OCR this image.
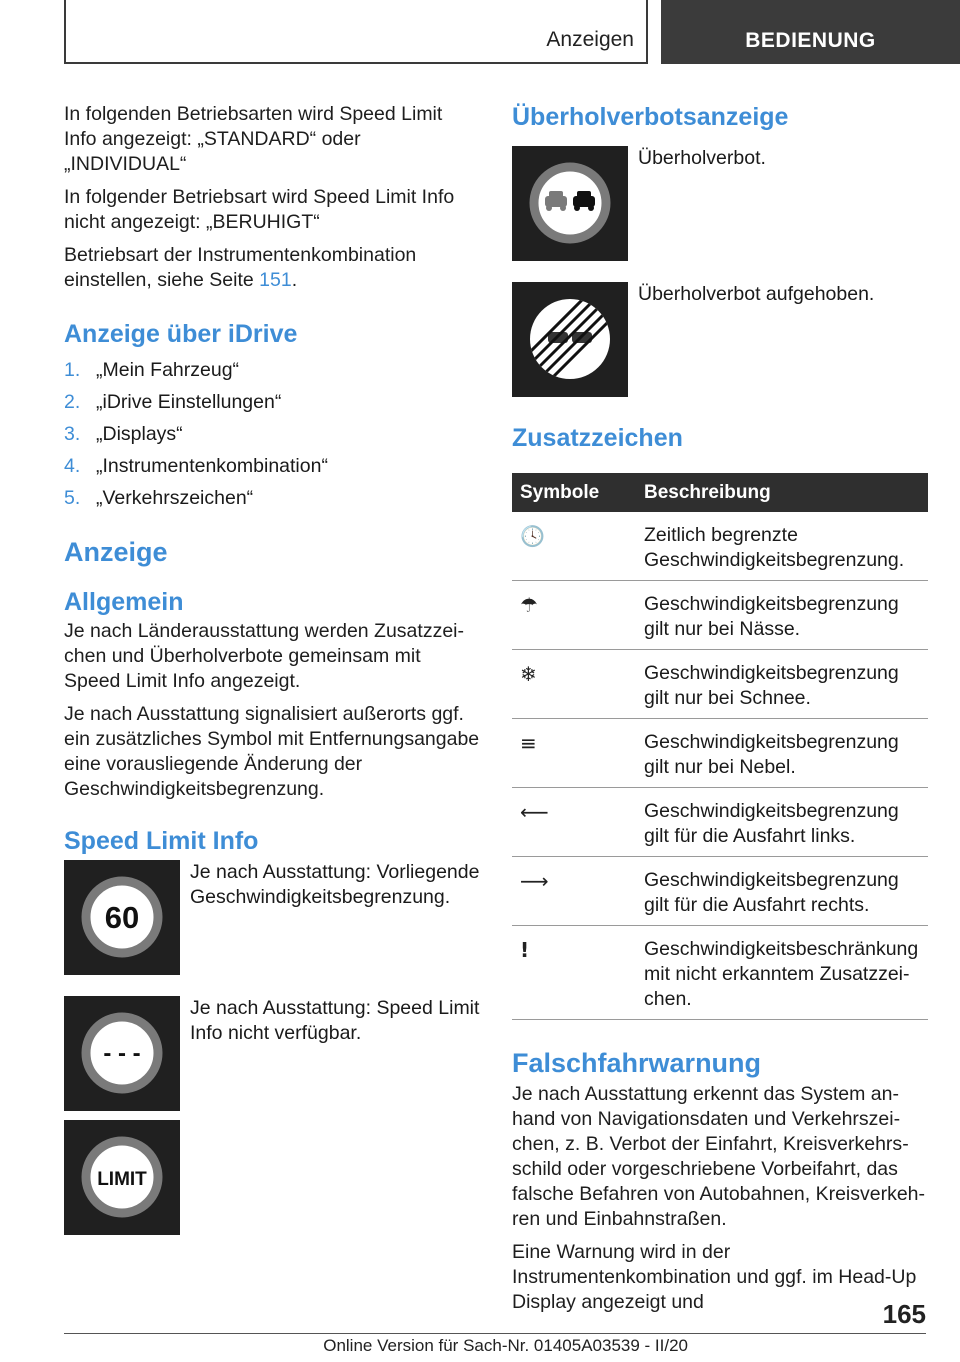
Anzeigen	BEDIENUNG

In folgenden Betriebsarten wird Speed Limit Info angezeigt: „STANDARD“ oder „INDIVIDUAL“

In folgender Betriebsart wird Speed Limit Info nicht angezeigt: „BERUHIGT“

Betriebsart der Instrumentenkombination einstellen, siehe Seite 151.

Anzeige über iDrive
1. „Mein Fahrzeug“
2. „iDrive Einstellungen“
3. „Displays“
4. „Instrumentenkombination“
5. „Verkehrszeichen“
Anzeige
Allgemein

Je nach Länderausstattung werden Zusatzzeichen und Überholverbote gemeinsam mit Speed Limit Info angezeigt.

Je nach Ausstattung signalisiert außerorts ggf. ein zusätzliches Symbol mit Entfernungsangabe eine vorausliegende Änderung der Geschwindigkeitsbegrenzung.

Speed Limit Info
60
Je nach Ausstattung: Vorliegende Geschwindigkeitsbegrenzung.
- - -
Je nach Ausstattung: Speed Limit Info nicht verfügbar.
LIMIT
Überholverbotsanzeige
Überholverbot.
Überholverbot aufgehoben.
Zusatzzeichen
Symbole	Beschreibung
🕓	Zeitlich begrenzte Geschwindigkeitsbegrenzung.
☂	Geschwindigkeitsbegrenzung gilt nur bei Nässe.
❄	Geschwindigkeitsbegrenzung gilt nur bei Schnee.
≡	Geschwindigkeitsbegrenzung gilt nur bei Nebel.
⟵	Geschwindigkeitsbegrenzung gilt für die Ausfahrt links.
⟶	Geschwindigkeitsbegrenzung gilt für die Ausfahrt rechts.
!	Geschwindigkeitsbeschränkung mit nicht erkanntem Zusatzzeichen.
Falschfahrwarnung

Je nach Ausstattung erkennt das System anhand von Navigationsdaten und Verkehrszeichen, z. B. Verbot der Einfahrt, Kreisverkehrsschild oder vorgeschriebene Vorbeifahrt, das falsche Befahren von Autobahnen, Kreisverkehren und Einbahnstraßen.

Eine Warnung wird in der Instrumentenkombination und ggf. im Head-Up Display angezeigt und	165
Online Version für Sach-Nr. 01405A03539 - II/20
